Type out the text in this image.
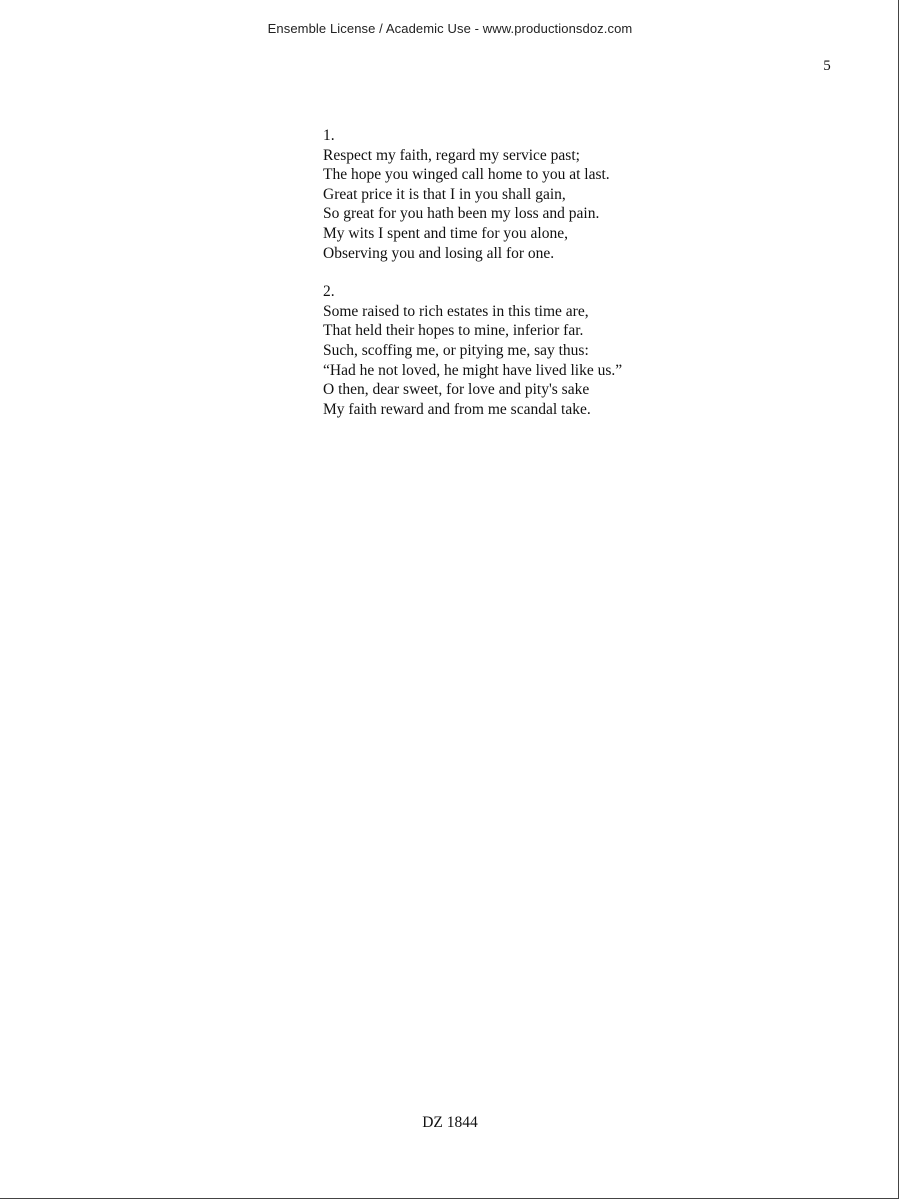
Ensemble License / Academic Use - www.productionsdoz.com
5
1.
Respect my faith, regard my service past;
The hope you winged call home to you at last.
Great price it is that I in you shall gain,
So great for you hath been my loss and pain.
My wits I spent and time for you alone,
Observing you and losing all for one.
2.
Some raised to rich estates in this time are,
That held their hopes to mine, inferior far.
Such, scoffing me, or pitying me, say thus:
“Had he not loved, he might have lived like us.”
O then, dear sweet, for love and pity's sake
My faith reward and from me scandal take.
DZ 1844
